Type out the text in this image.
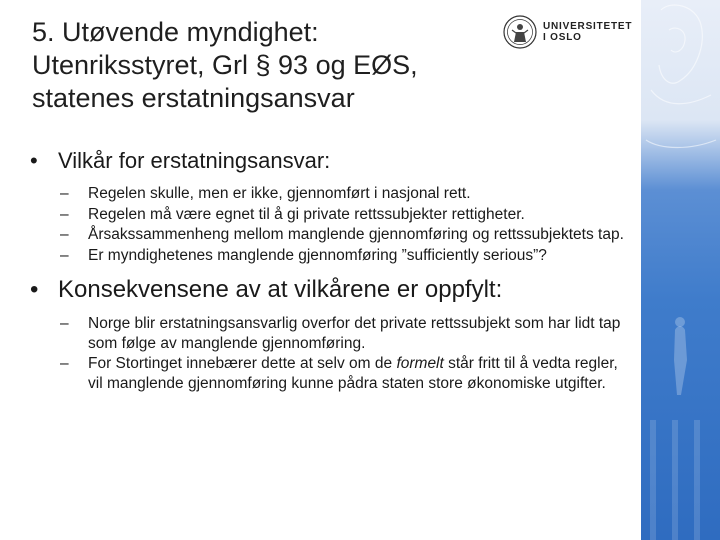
5. Utøvende myndighet:
Utenriksstyret, Grl § 93 og EØS,
statenes erstatningsansvar
UNIVERSITETET
I OSLO
• Vilkår for erstatningsansvar:
– Regelen skulle, men er ikke, gjennomført i nasjonal rett.
– Regelen må være egnet til å gi private rettssubjekter rettigheter.
– Årsakssammenheng mellom manglende gjennomføring og rettssubjektets tap.
– Er myndighetenes manglende gjennomføring ”sufficiently serious”?
• Konsekvensene av at vilkårene er oppfylt:
– Norge blir erstatningsansvarlig overfor det private rettssubjekt som har lidt tap som følge av manglende gjennomføring.
– For Stortinget innebærer dette at selv om de formelt står fritt til å vedta regler, vil manglende gjennomføring kunne pådra staten store økonomiske utgifter.
